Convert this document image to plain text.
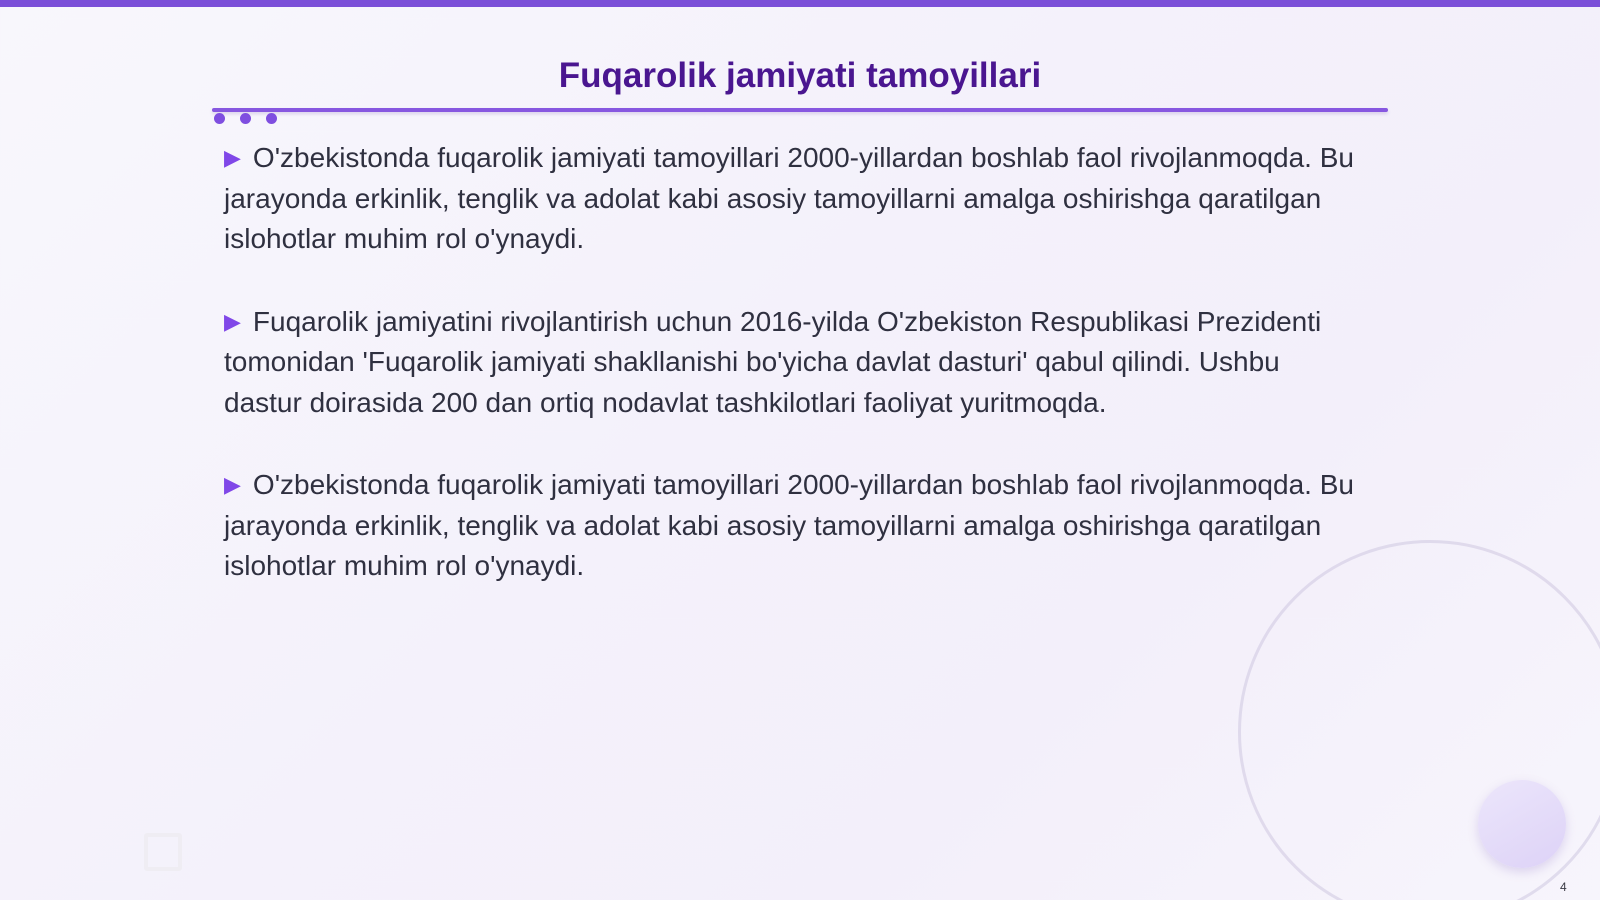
Fuqarolik jamiyati tamoyillari

▶ O'zbekistonda fuqarolik jamiyati tamoyillari 2000-yillardan boshlab faol rivojlanmoqda. Bu jarayonda erkinlik, tenglik va adolat kabi asosiy tamoyillarni amalga oshirishga qaratilgan islohotlar muhim rol o'ynaydi.

▶ Fuqarolik jamiyatini rivojlantirish uchun 2016-yilda O'zbekiston Respublikasi Prezidenti tomonidan 'Fuqarolik jamiyati shakllanishi bo'yicha davlat dasturi' qabul qilindi. Ushbu dastur doirasida 200 dan ortiq nodavlat tashkilotlari faoliyat yuritmoqda.

▶ O'zbekistonda fuqarolik jamiyati tamoyillari 2000-yillardan boshlab faol rivojlanmoqda. Bu jarayonda erkinlik, tenglik va adolat kabi asosiy tamoyillarni amalga oshirishga qaratilgan islohotlar muhim rol o'ynaydi.

4
